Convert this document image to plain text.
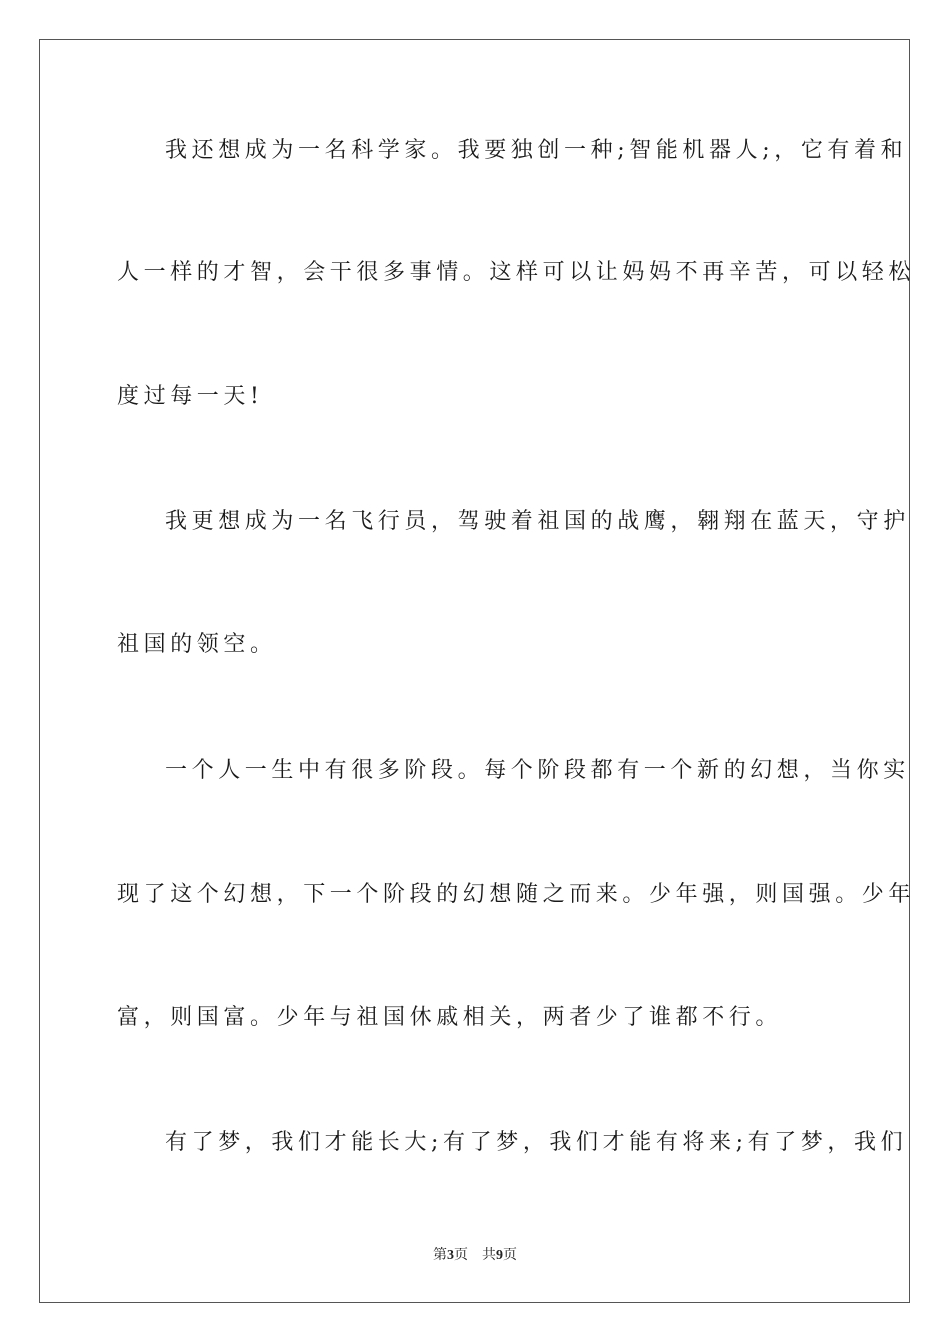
我还想成为一名科学家。我要独创一种;智能机器人;，它有着和
人一样的才智，会干很多事情。这样可以让妈妈不再辛苦，可以轻松
度过每一天!
我更想成为一名飞行员，驾驶着祖国的战鹰，翱翔在蓝天，守护
祖国的领空。
一个人一生中有很多阶段。每个阶段都有一个新的幻想，当你实
现了这个幻想，下一个阶段的幻想随之而来。少年强，则国强。少年
富，则国富。少年与祖国休戚相关，两者少了谁都不行。
有了梦，我们才能长大;有了梦，我们才能有将来;有了梦，我们
第3页 共9页
